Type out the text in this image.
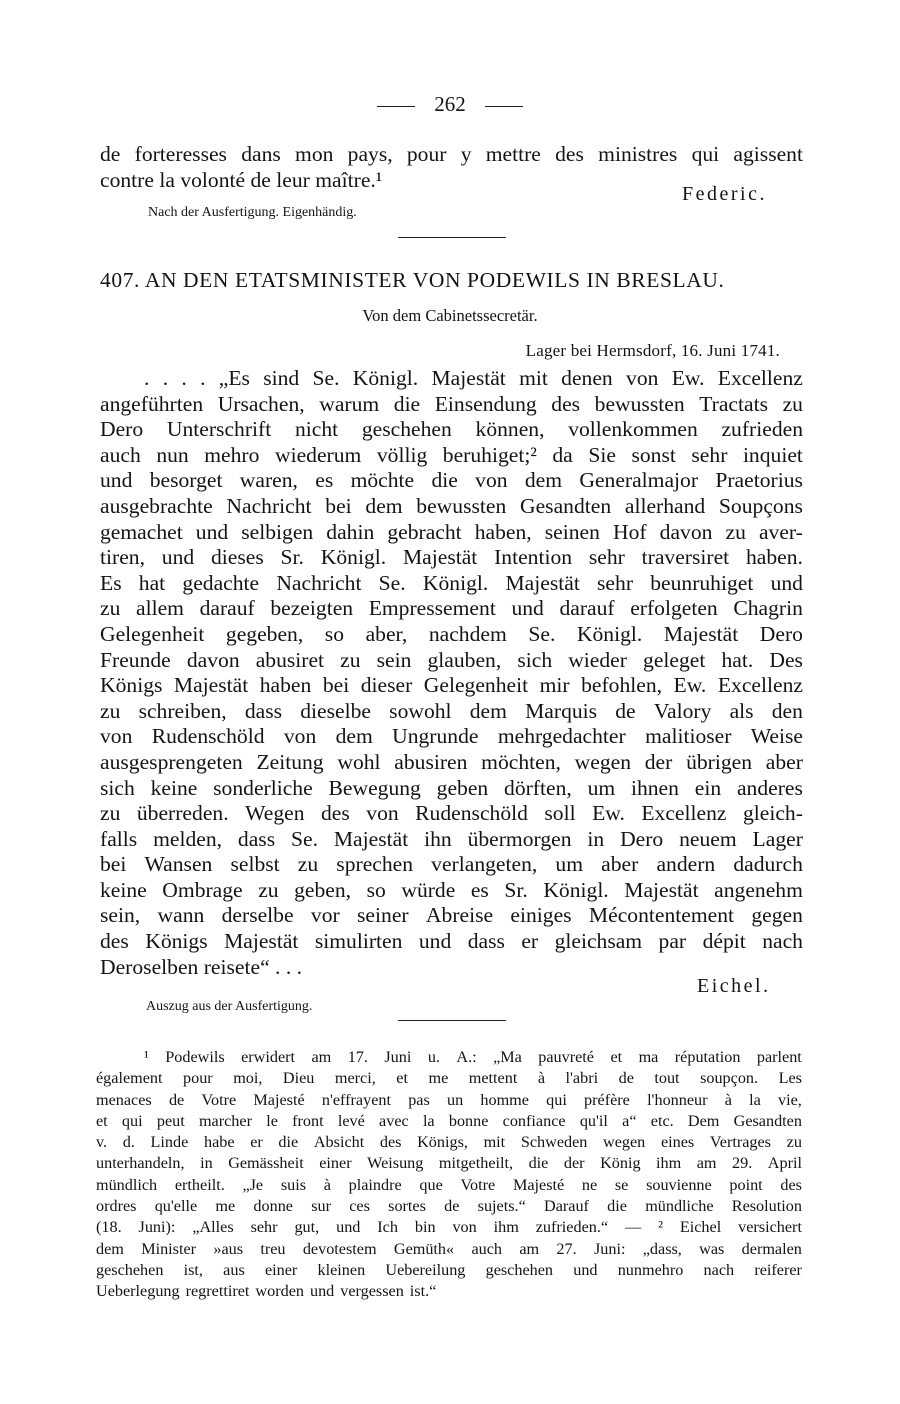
262
de forteresses dans mon pays, pour y mettre des ministres qui agissent
contre la volonté de leur maître.¹
Federic.
Nach der Ausfertigung. Eigenhändig.
407. AN DEN ETATSMINISTER VON PODEWILS IN BRESLAU.
Von dem Cabinetssecretär.
Lager bei Hermsdorf, 16. Juni 1741.
. . . . „Es sind Se. Königl. Majestät mit denen von Ew. Excellenz
angeführten Ursachen, warum die Einsendung des bewussten Tractats zu
Dero Unterschrift nicht geschehen können, vollenkommen zufrieden
auch nun mehro wiederum völlig beruhiget;² da Sie sonst sehr inquiet
und besorget waren, es möchte die von dem Generalmajor Praetorius
ausgebrachte Nachricht bei dem bewussten Gesandten allerhand Soupçons
gemachet und selbigen dahin gebracht haben, seinen Hof davon zu aver-
tiren, und dieses Sr. Königl. Majestät Intention sehr traversiret haben.
Es hat gedachte Nachricht Se. Königl. Majestät sehr beunruhiget und
zu allem darauf bezeigten Empressement und darauf erfolgeten Chagrin
Gelegenheit gegeben, so aber, nachdem Se. Königl. Majestät Dero
Freunde davon abusiret zu sein glauben, sich wieder geleget hat. Des
Königs Majestät haben bei dieser Gelegenheit mir befohlen, Ew. Excellenz
zu schreiben, dass dieselbe sowohl dem Marquis de Valory als den
von Rudenschöld von dem Ungrunde mehrgedachter malitioser Weise
ausgesprengeten Zeitung wohl abusiren möchten, wegen der übrigen aber
sich keine sonderliche Bewegung geben dörften, um ihnen ein anderes
zu überreden. Wegen des von Rudenschöld soll Ew. Excellenz gleich-
falls melden, dass Se. Majestät ihn übermorgen in Dero neuem Lager
bei Wansen selbst zu sprechen verlangeten, um aber andern dadurch
keine Ombrage zu geben, so würde es Sr. Königl. Majestät angenehm
sein, wann derselbe vor seiner Abreise einiges Mécontentement gegen
des Königs Majestät simulirten und dass er gleichsam par dépit nach
Deroselben reisete“ . . .
Eichel.
Auszug aus der Ausfertigung.
¹ Podewils erwidert am 17. Juni u. A.: „Ma pauvreté et ma réputation parlent
également pour moi, Dieu merci, et me mettent à l'abri de tout soupçon. Les
menaces de Votre Majesté n'effrayent pas un homme qui préfère l'honneur à la vie,
et qui peut marcher le front levé avec la bonne confiance qu'il a“ etc. Dem Gesandten
v. d. Linde habe er die Absicht des Königs, mit Schweden wegen eines Vertrages zu
unterhandeln, in Gemässheit einer Weisung mitgetheilt, die der König ihm am 29. April
mündlich ertheilt. „Je suis à plaindre que Votre Majesté ne se souvienne point des
ordres qu'elle me donne sur ces sortes de sujets.“ Darauf die mündliche Resolution
(18. Juni): „Alles sehr gut, und Ich bin von ihm zufrieden.“ — ² Eichel versichert
dem Minister »aus treu devotestem Gemüth« auch am 27. Juni: „dass, was dermalen
geschehen ist, aus einer kleinen Uebereilung geschehen und nunmehro nach reiferer
Ueberlegung regrettiret worden und vergessen ist.“
